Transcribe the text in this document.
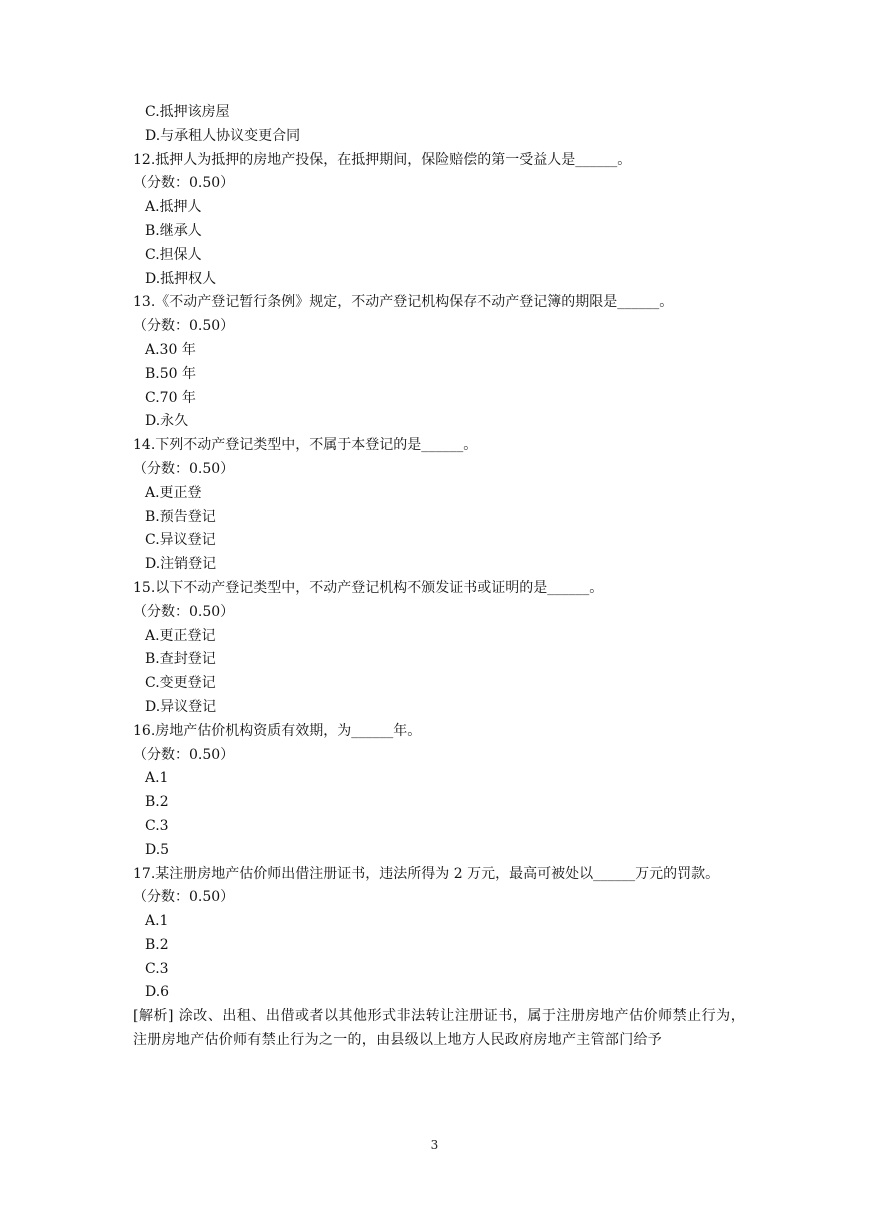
C.抵押该房屋
D.与承租人协议变更合同
12.抵押人为抵押的房地产投保，在抵押期间，保险赔偿的第一受益人是______。
（分数：0.50）
A.抵押人
B.继承人
C.担保人
D.抵押权人
13.《不动产登记暂行条例》规定，不动产登记机构保存不动产登记簿的期限是______。
（分数：0.50）
A.30 年
B.50 年
C.70 年
D.永久
14.下列不动产登记类型中，不属于本登记的是______。
（分数：0.50）
A.更正登
B.预告登记
C.异议登记
D.注销登记
15.以下不动产登记类型中，不动产登记机构不颁发证书或证明的是______。
（分数：0.50）
A.更正登记
B.查封登记
C.变更登记
D.异议登记
16.房地产估价机构资质有效期，为______年。
（分数：0.50）
A.1
B.2
C.3
D.5
17.某注册房地产估价师出借注册证书，违法所得为 2 万元，最高可被处以______万元的罚款。
（分数：0.50）
A.1
B.2
C.3
D.6
[解析] 涂改、出租、出借或者以其他形式非法转让注册证书，属于注册房地产估价师禁止行为，注册房地产估价师有禁止行为之一的，由县级以上地方人民政府房地产主管部门给予
3
